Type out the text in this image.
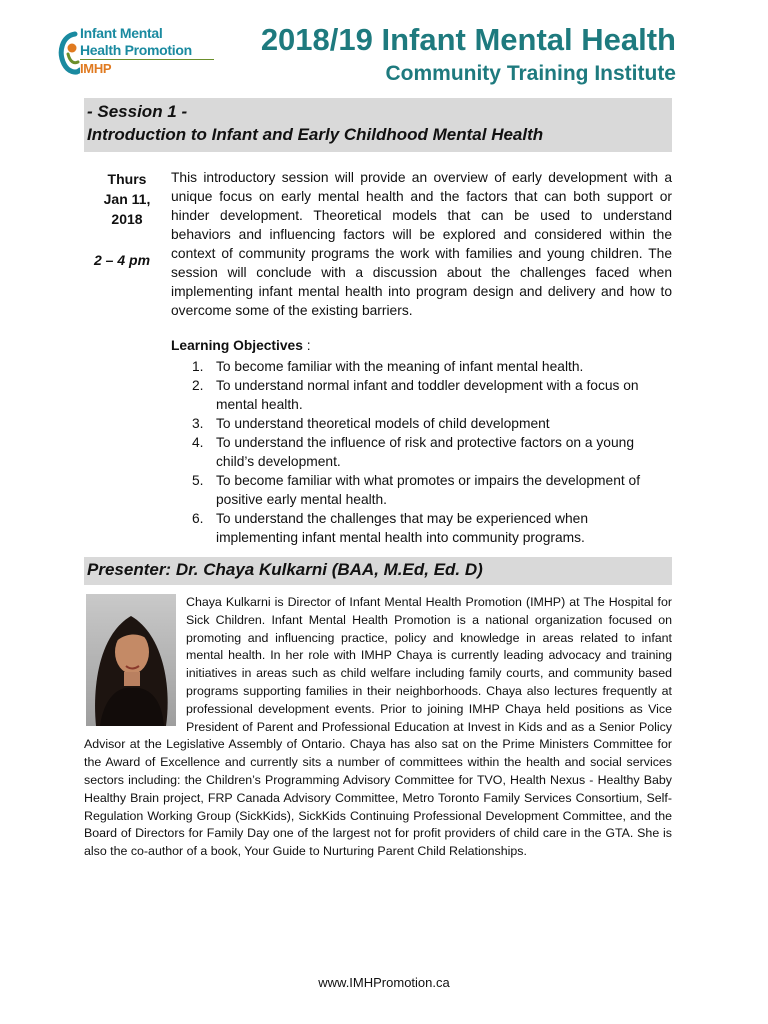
Infant Mental
Health Promotion
IMHP
2018/19 Infant Mental Health
Community Training Institute
- Session 1 -
Introduction to Infant and Early Childhood Mental Health
Thurs
Jan 11,
2018
2 – 4 pm

This introductory session will provide an overview of early development with a unique focus on early mental health and the factors that can both support or hinder development. Theoretical models that can be used to understand behaviors and influencing factors will be explored and considered within the context of community programs the work with families and young children. The session will conclude with a discussion about the challenges faced when implementing infant mental health into program design and delivery and how to overcome some of the existing barriers.

Learning Objectives :
1. To become familiar with the meaning of infant mental health.
2. To understand normal infant and toddler development with a focus on mental health.
3. To understand theoretical models of child development
4. To understand the influence of risk and protective factors on a young child’s development.
5. To become familiar with what promotes or impairs the development of positive early mental health.
6. To understand the challenges that may be experienced when implementing infant mental health into community programs.
Presenter: Dr. Chaya Kulkarni (BAA, M.Ed, Ed. D)

Chaya Kulkarni is Director of Infant Mental Health Promotion (IMHP) at The Hospital for Sick Children. Infant Mental Health Promotion is a national organization focused on promoting and influencing practice, policy and knowledge in areas related to infant mental health. In her role with IMHP Chaya is currently leading advocacy and training initiatives in areas such as child welfare including family courts, and community based programs supporting families in their neighborhoods. Chaya also lectures frequently at professional development events. Prior to joining IMHP Chaya held positions as Vice President of Parent and Professional Education at Invest in Kids and as a Senior Policy Advisor at the Legislative Assembly of Ontario. Chaya has also sat on the Prime Ministers Committee for the Award of Excellence and currently sits a number of committees within the health and social services sectors including: the Children’s Programming Advisory Committee for TVO, Health Nexus - Healthy Baby Healthy Brain project, FRP Canada Advisory Committee, Metro Toronto Family Services Consortium, Self-Regulation Working Group (SickKids), SickKids Continuing Professional Development Committee, and the Board of Directors for Family Day one of the largest not for profit providers of child care in the GTA. She is also the co-author of a book, Your Guide to Nurturing Parent Child Relationships.

www.IMHPromotion.ca
